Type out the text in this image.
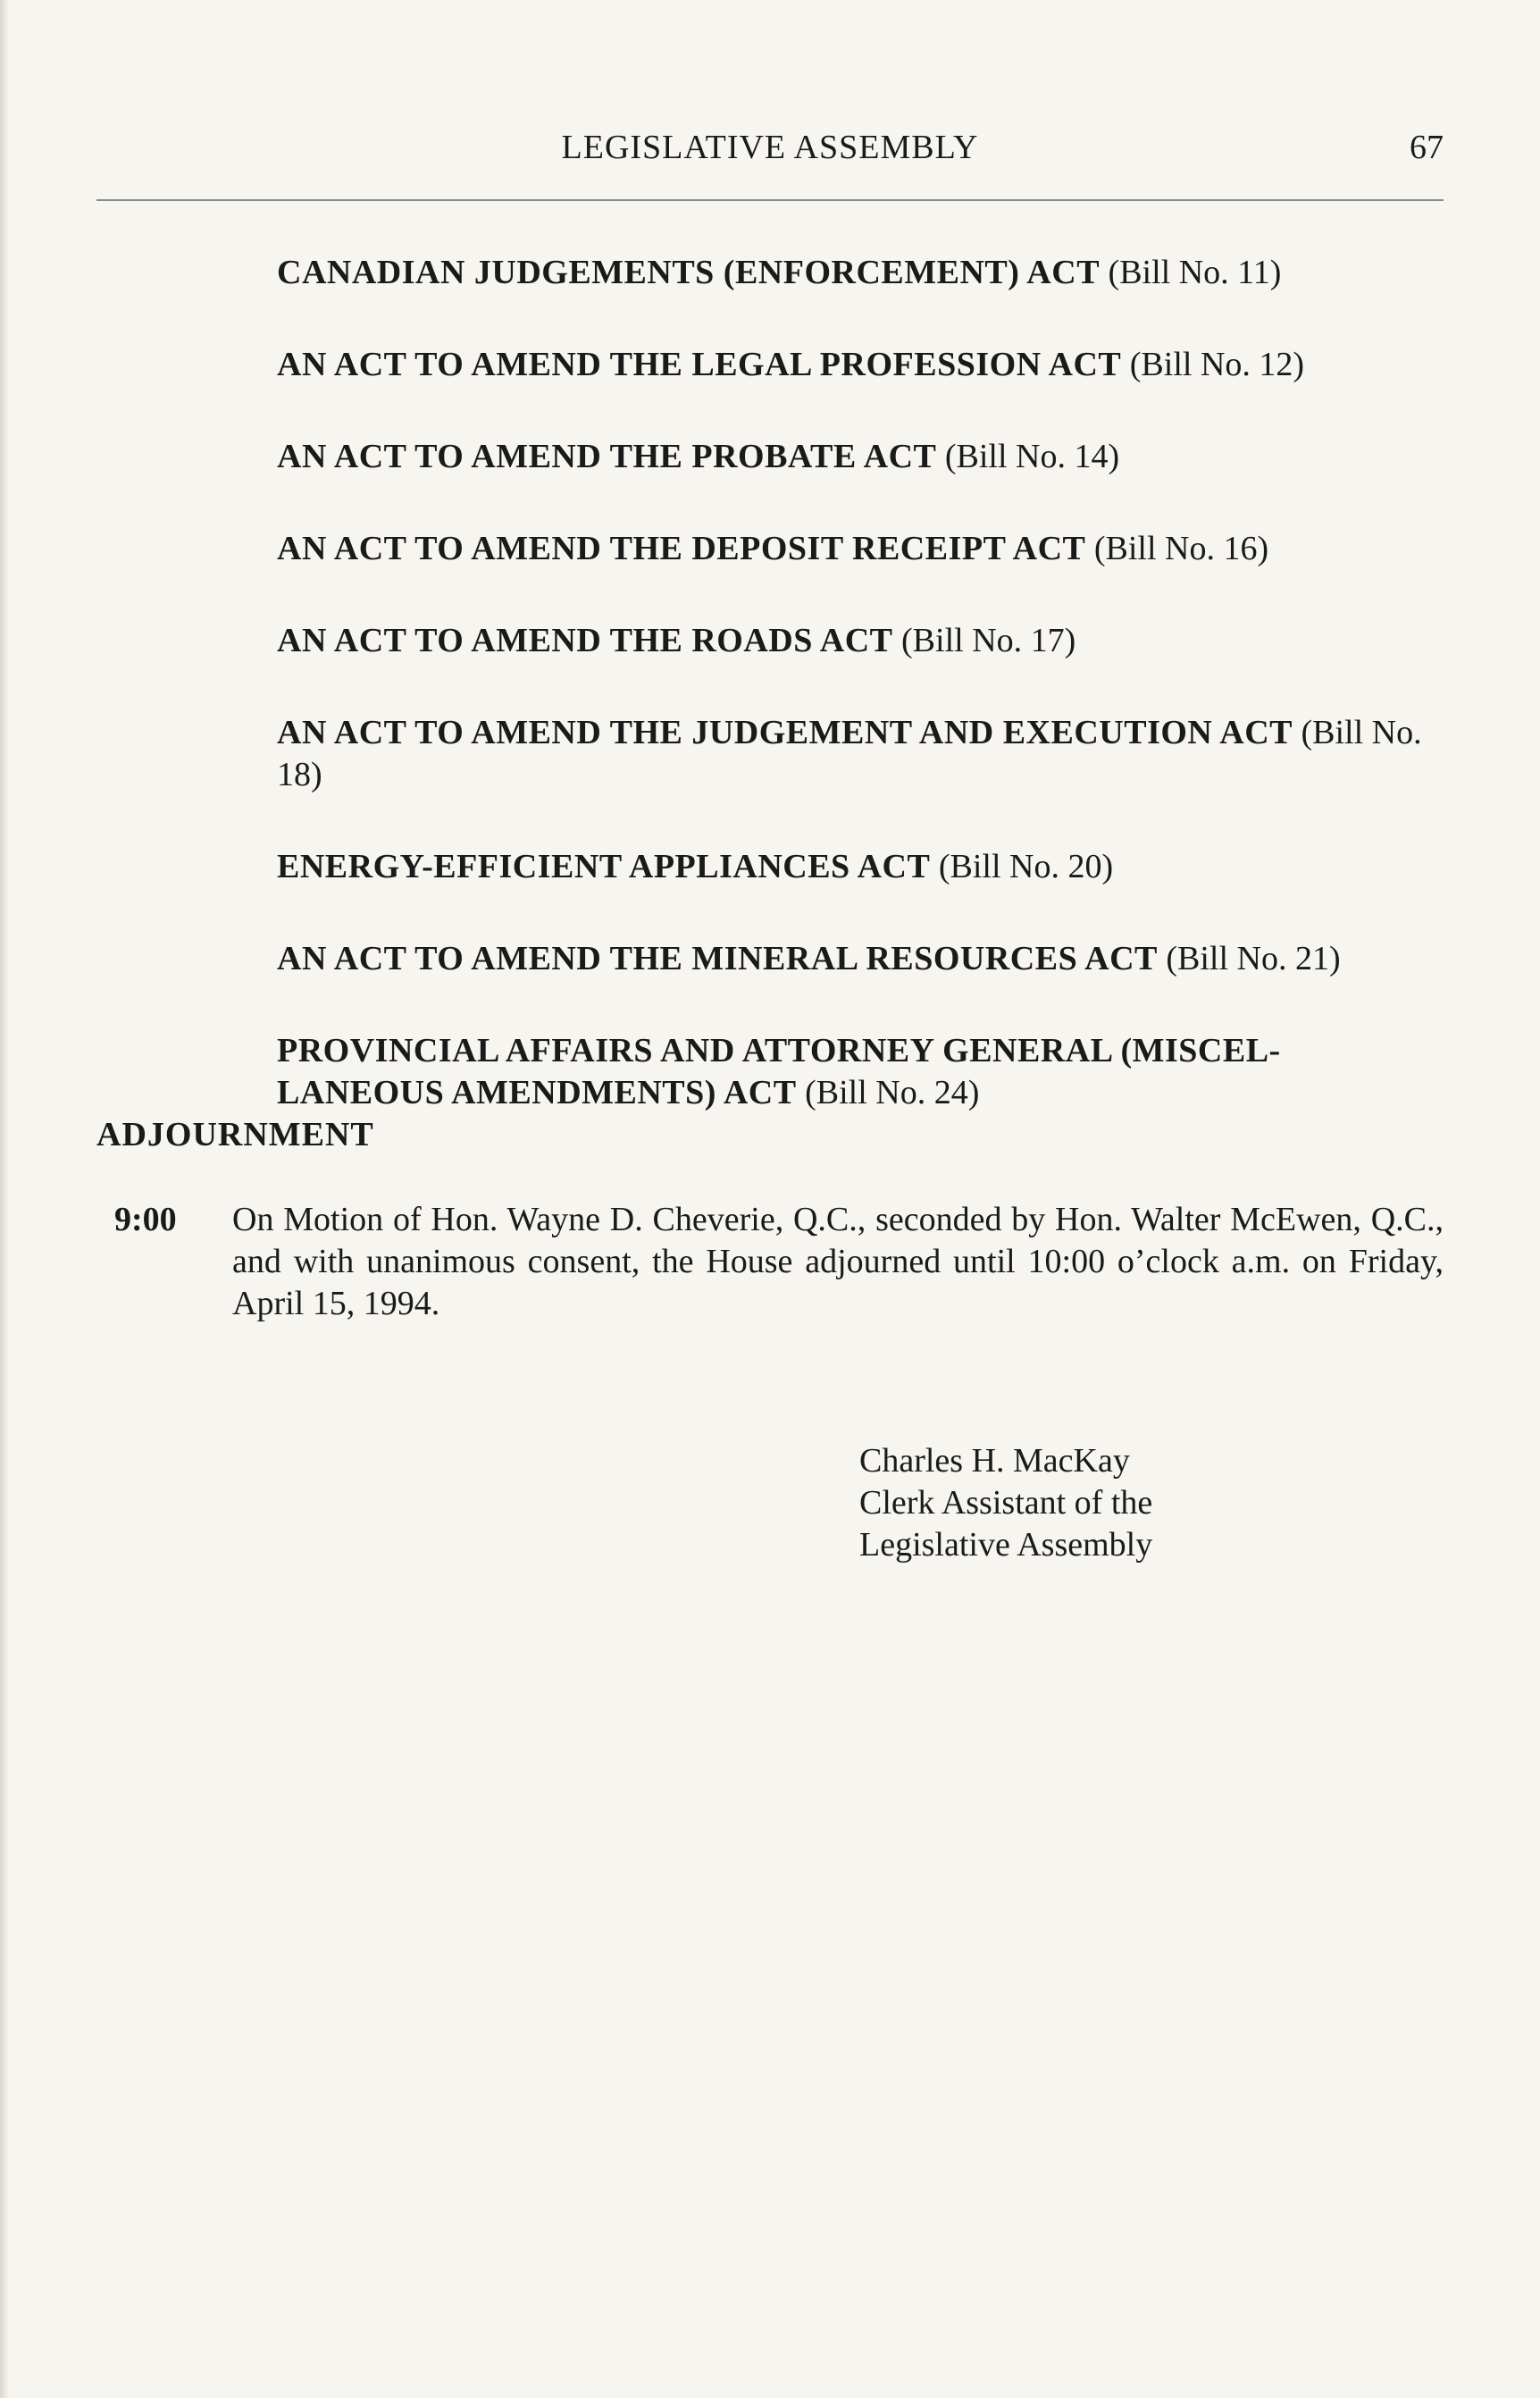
LEGISLATIVE ASSEMBLY	67
CANADIAN JUDGEMENTS (ENFORCEMENT) ACT (Bill No. 11)
AN ACT TO AMEND THE LEGAL PROFESSION ACT (Bill No. 12)
AN ACT TO AMEND THE PROBATE ACT (Bill No. 14)
AN ACT TO AMEND THE DEPOSIT RECEIPT ACT (Bill No. 16)
AN ACT TO AMEND THE ROADS ACT (Bill No. 17)
AN ACT TO AMEND THE JUDGEMENT AND EXECUTION ACT (Bill No. 18)
ENERGY-EFFICIENT APPLIANCES ACT (Bill No. 20)
AN ACT TO AMEND THE MINERAL RESOURCES ACT (Bill No. 21)
PROVINCIAL AFFAIRS AND ATTORNEY GENERAL (MISCEL-LANEOUS AMENDMENTS) ACT (Bill No. 24)
ADJOURNMENT
9:00 On Motion of Hon. Wayne D. Cheverie, Q.C., seconded by Hon. Walter McEwen, Q.C., and with unanimous consent, the House adjourned until 10:00 o’clock a.m. on Friday, April 15, 1994.
Charles H. MacKay
Clerk Assistant of the
Legislative Assembly
